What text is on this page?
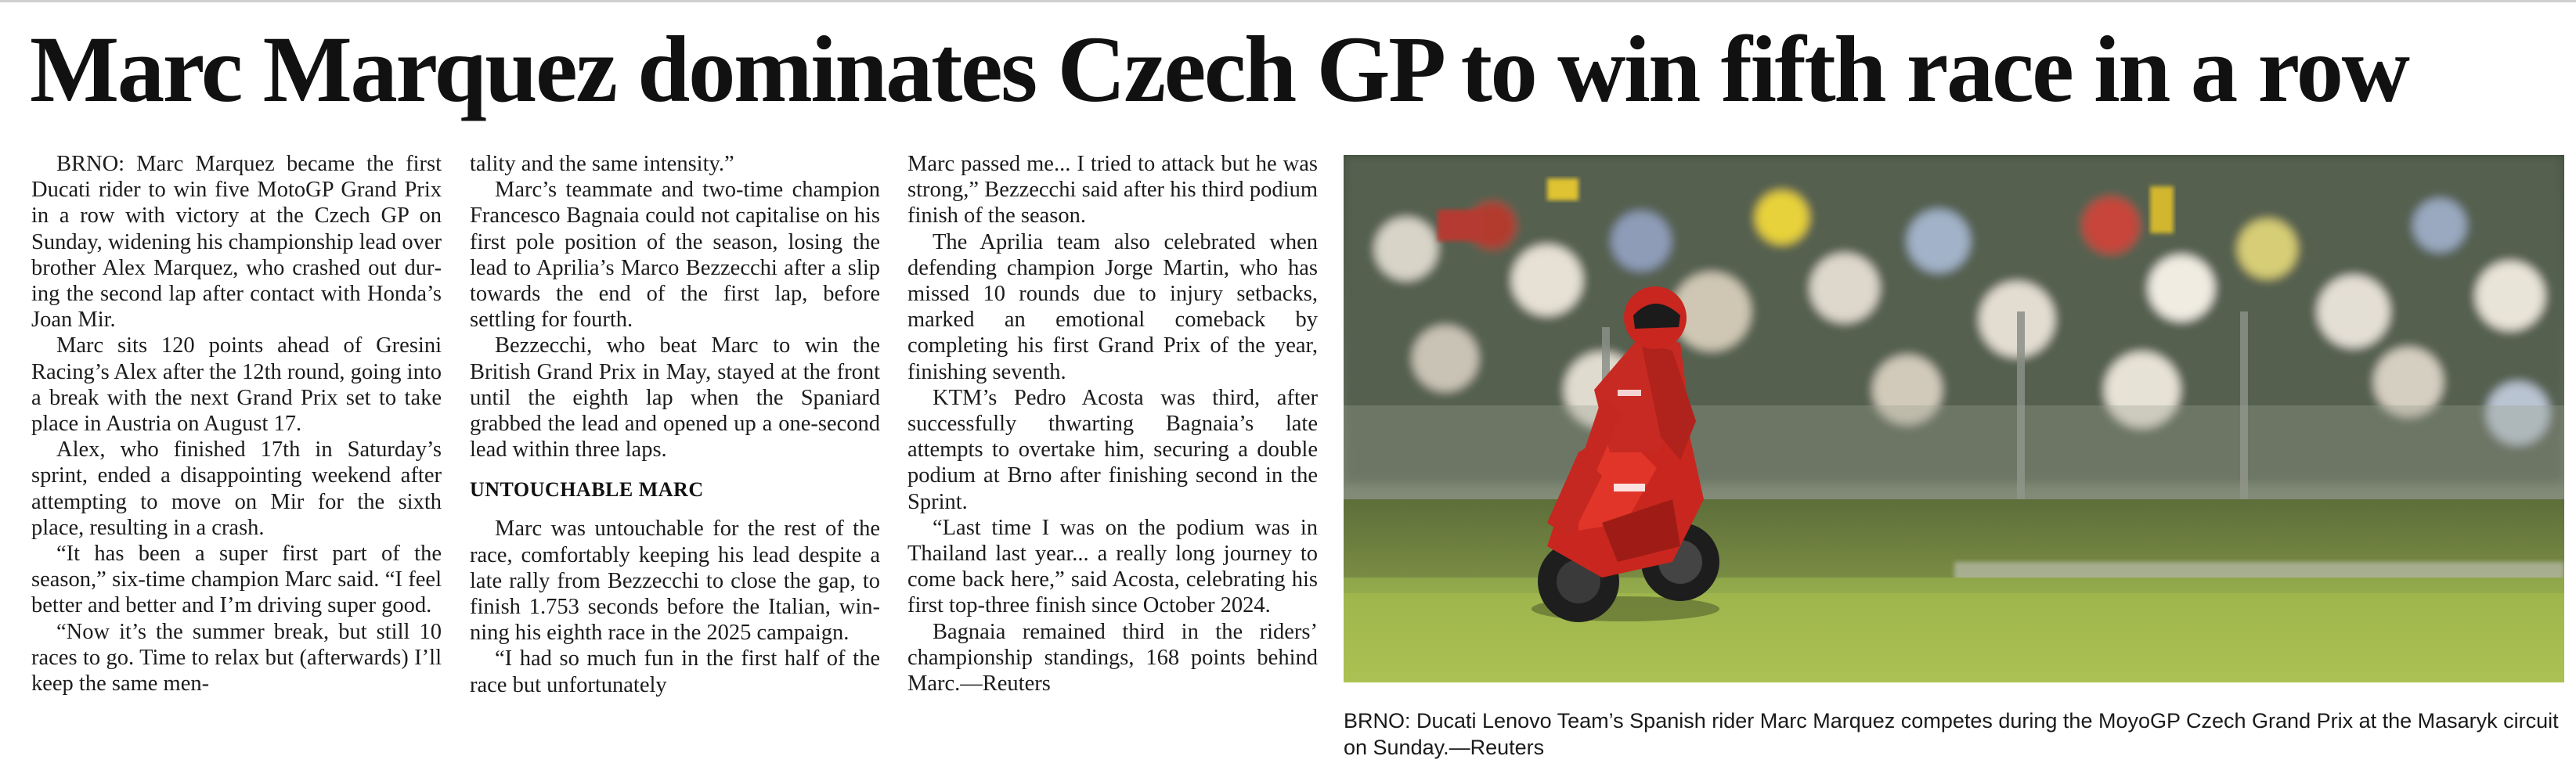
Marc Marquez dominates Czech GP to win fifth race in a row

BRNO: Marc Marquez became the first Ducati rider to win five MotoGP Grand Prix in a row with victory at the Czech GP on Sunday, widening his championship lead over brother Alex Marquez, who crashed out during the second lap after contact with Honda’s Joan Mir.

Marc sits 120 points ahead of Gresini Racing’s Alex after the 12th round, going into a break with the next Grand Prix set to take place in Austria on August 17.

Alex, who finished 17th in Saturday’s sprint, ended a disappointing weekend after attempting to move on Mir for the sixth place, resulting in a crash.

“It has been a super first part of the season,” six-time champion Marc said. “I feel better and better and I’m driving super good.

“Now it’s the summer break, but still 10 races to go. Time to relax but (afterwards) I’ll keep the same men-

tality and the same intensity.”

Marc’s teammate and two-time champion Francesco Bagnaia could not capitalise on his first pole position of the season, losing the lead to Aprilia’s Marco Bezzecchi after a slip towards the end of the first lap, before settling for fourth.

Bezzecchi, who beat Marc to win the British Grand Prix in May, stayed at the front until the eighth lap when the Spaniard grabbed the lead and opened up a one-second lead within three laps.

UNTOUCHABLE MARC

Marc was untouchable for the rest of the race, comfortably keeping his lead despite a late rally from Bezzecchi to close the gap, to finish 1.753 seconds before the Italian, winning his eighth race in the 2025 campaign.

“I had so much fun in the first half of the race but unfortunately

Marc passed me... I tried to attack but he was strong,” Bezzecchi said after his third podium finish of the season.

The Aprilia team also celebrated when defending champion Jorge Martin, who has missed 10 rounds due to injury setbacks, marked an emotional comeback by completing his first Grand Prix of the year, finishing seventh.

KTM’s Pedro Acosta was third, after successfully thwarting Bagnaia’s late attempts to overtake him, securing a double podium at Brno after finishing second in the Sprint.

“Last time I was on the podium was in Thailand last year... a really long journey to come back here,” said Acosta, celebrating his first top-three finish since October 2024.

Bagnaia remained third in the riders’ championship standings, 168 points behind Marc.—Reuters

BRNO: Ducati Lenovo Team’s Spanish rider Marc Marquez competes during the MoyoGP Czech Grand Prix at the Masaryk circuit on Sunday.—Reuters
